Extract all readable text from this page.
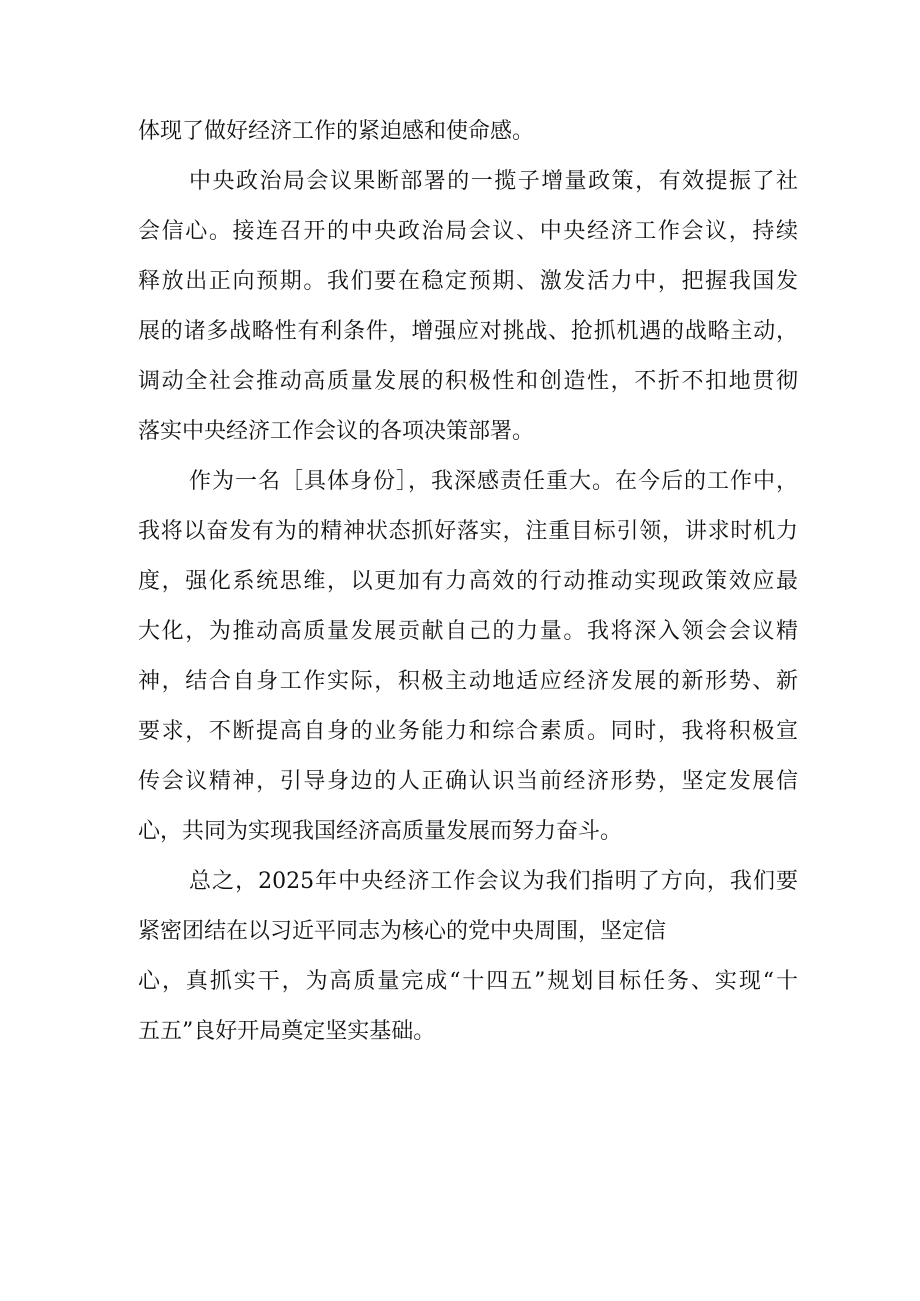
体现了做好经济工作的紧迫感和使命感。
中央政治局会议果断部署的一揽子增量政策，有效提振了社
会信心。接连召开的中央政治局会议、中央经济工作会议，持续
释放出正向预期。我们要在稳定预期、激发活力中，把握我国发
展的诸多战略性有利条件，增强应对挑战、抢抓机遇的战略主动，
调动全社会推动高质量发展的积极性和创造性，不折不扣地贯彻
落实中央经济工作会议的各项决策部署。
作为一名［具体身份］，我深感责任重大。在今后的工作中，
我将以奋发有为的精神状态抓好落实，注重目标引领，讲求时机力
度，强化系统思维，以更加有力高效的行动推动实现政策效应最
大化，为推动高质量发展贡献自己的力量。我将深入领会会议精
神，结合自身工作实际，积极主动地适应经济发展的新形势、新
要求，不断提高自身的业务能力和综合素质。同时，我将积极宣
传会议精神，引导身边的人正确认识当前经济形势，坚定发展信
心，共同为实现我国经济高质量发展而努力奋斗。
总之，2025年中央经济工作会议为我们指明了方向，我们要
紧密团结在以习近平同志为核心的党中央周围，坚定信
心，真抓实干，为高质量完成“十四五”规划目标任务、实现“十
五五”良好开局奠定坚实基础。
